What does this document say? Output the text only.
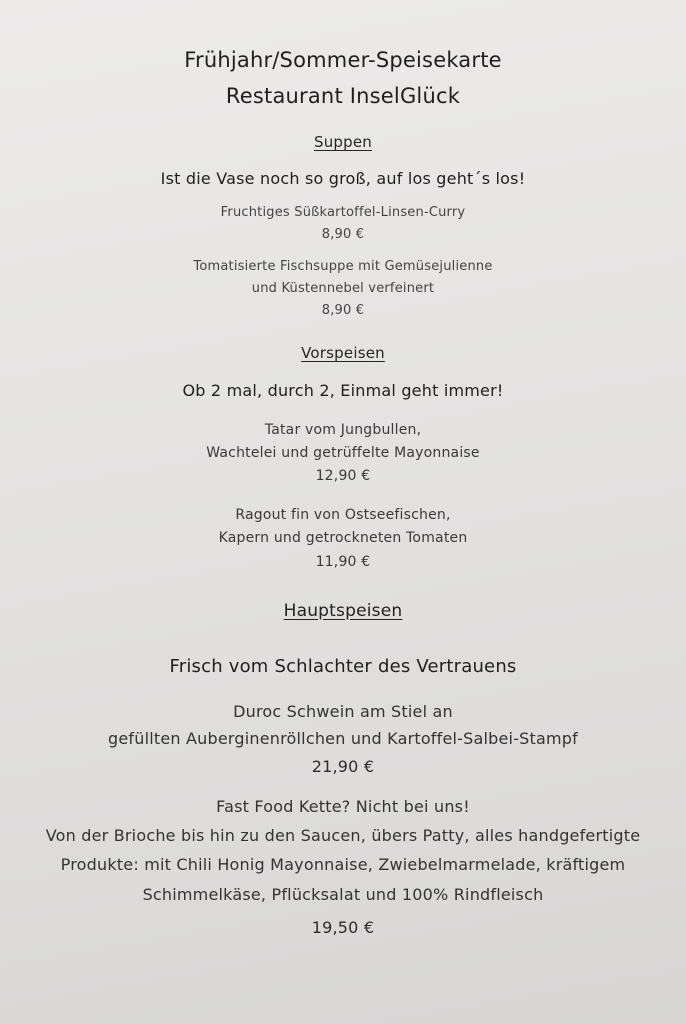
Frühjahr/Sommer-Speisekarte
Restaurant InselGlück
Suppen
Ist die Vase noch so groß, auf los geht´s los!
Fruchtiges Süßkartoffel-Linsen-Curry
8,90 €
Tomatisierte Fischsuppe mit Gemüsejulienne
und Küstennebel verfeinert
8,90 €
Vorspeisen
Ob 2 mal, durch 2, Einmal geht immer!
Tatar vom Jungbullen,
Wachtelei und getrüffelte Mayonnaise
12,90 €
Ragout fin von Ostseefischen,
Kapern und getrockneten Tomaten
11,90 €
Hauptspeisen
Frisch vom Schlachter des Vertrauens
Duroc Schwein am Stiel an
gefüllten Auberginenröllchen und Kartoffel-Salbei-Stampf
21,90 €
Fast Food Kette? Nicht bei uns!
Von der Brioche bis hin zu den Saucen, übers Patty, alles handgefertigte
Produkte: mit Chili Honig Mayonnaise, Zwiebelmarmelade, kräftigem
Schimmelkäse, Pflücksalat und 100% Rindfleisch
19,50 €
